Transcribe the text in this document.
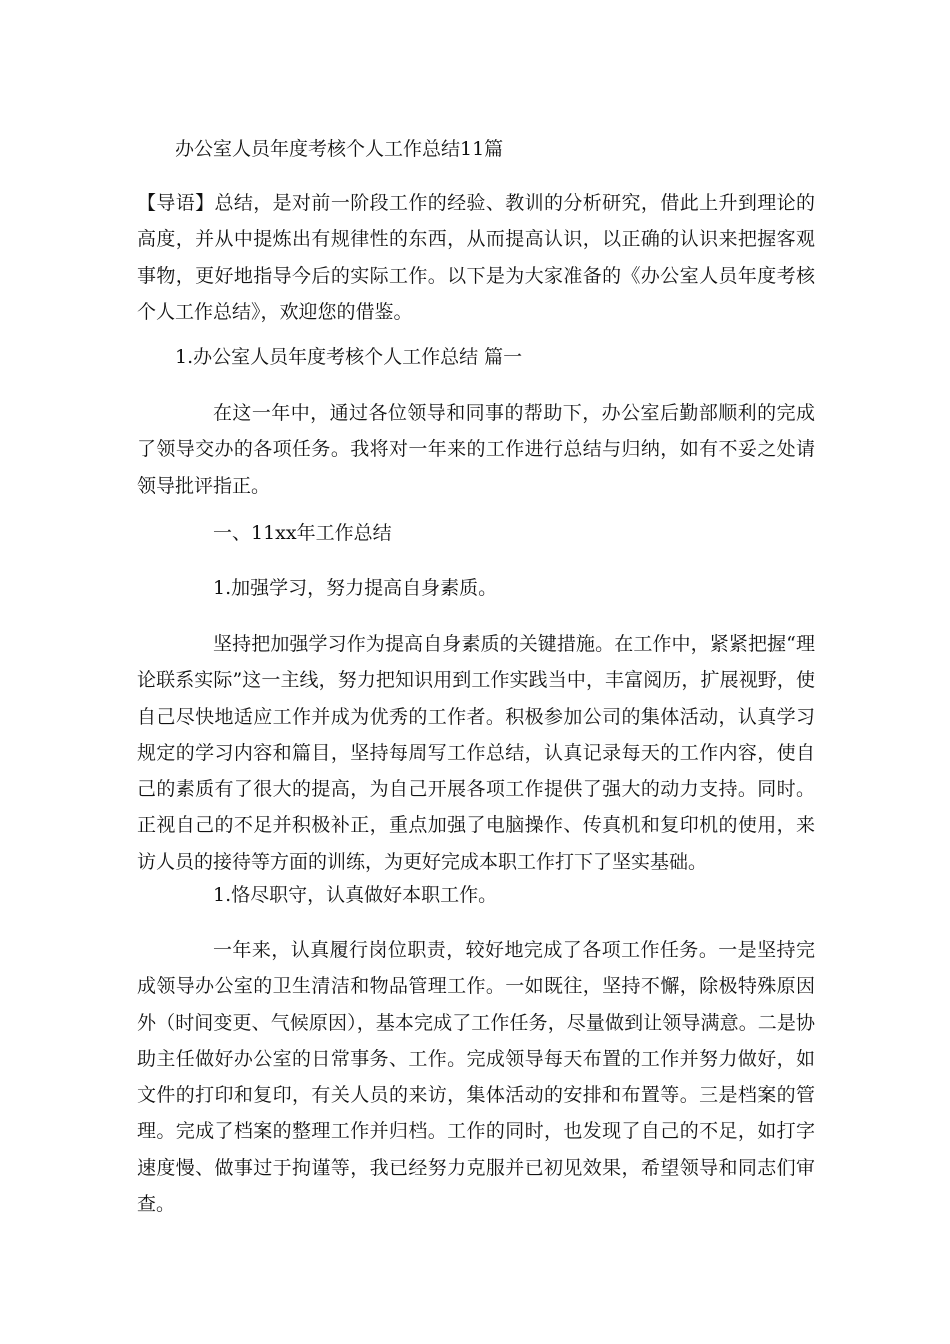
办公室人员年度考核个人工作总结11篇

【导语】总结，是对前一阶段工作的经验、教训的分析研究，借此上升到理论的高度，并从中提炼出有规律性的东西，从而提高认识，以正确的认识来把握客观事物，更好地指导今后的实际工作。以下是为大家准备的《办公室人员年度考核个人工作总结》，欢迎您的借鉴。

1.办公室人员年度考核个人工作总结 篇一

在这一年中，通过各位领导和同事的帮助下，办公室后勤部顺利的完成了领导交办的各项任务。我将对一年来的工作进行总结与归纳，如有不妥之处请领导批评指正。

一、11xx年工作总结
1.加强学习，努力提高自身素质。

坚持把加强学习作为提高自身素质的关键措施。在工作中，紧紧把握“理论联系实际”这一主线，努力把知识用到工作实践当中，丰富阅历，扩展视野，使自己尽快地适应工作并成为优秀的工作者。积极参加公司的集体活动，认真学习规定的学习内容和篇目，坚持每周写工作总结，认真记录每天的工作内容，使自己的素质有了很大的提高，为自己开展各项工作提供了强大的动力支持。同时。正视自己的不足并积极补正，重点加强了电脑操作、传真机和复印机的使用，来访人员的接待等方面的训练，为更好完成本职工作打下了坚实基础。

1.恪尽职守，认真做好本职工作。

一年来，认真履行岗位职责，较好地完成了各项工作任务。一是坚持完成领导办公室的卫生清洁和物品管理工作。一如既往，坚持不懈，除极特殊原因外（时间变更、气候原因），基本完成了工作任务，尽量做到让领导满意。二是协助主任做好办公室的日常事务、工作。完成领导每天布置的工作并努力做好，如文件的打印和复印，有关人员的来访，集体活动的安排和布置等。三是档案的管理。完成了档案的整理工作并归档。工作的同时，也发现了自己的不足，如打字速度慢、做事过于拘谨等，我已经努力克服并已初见效果，希望领导和同志们审查。
